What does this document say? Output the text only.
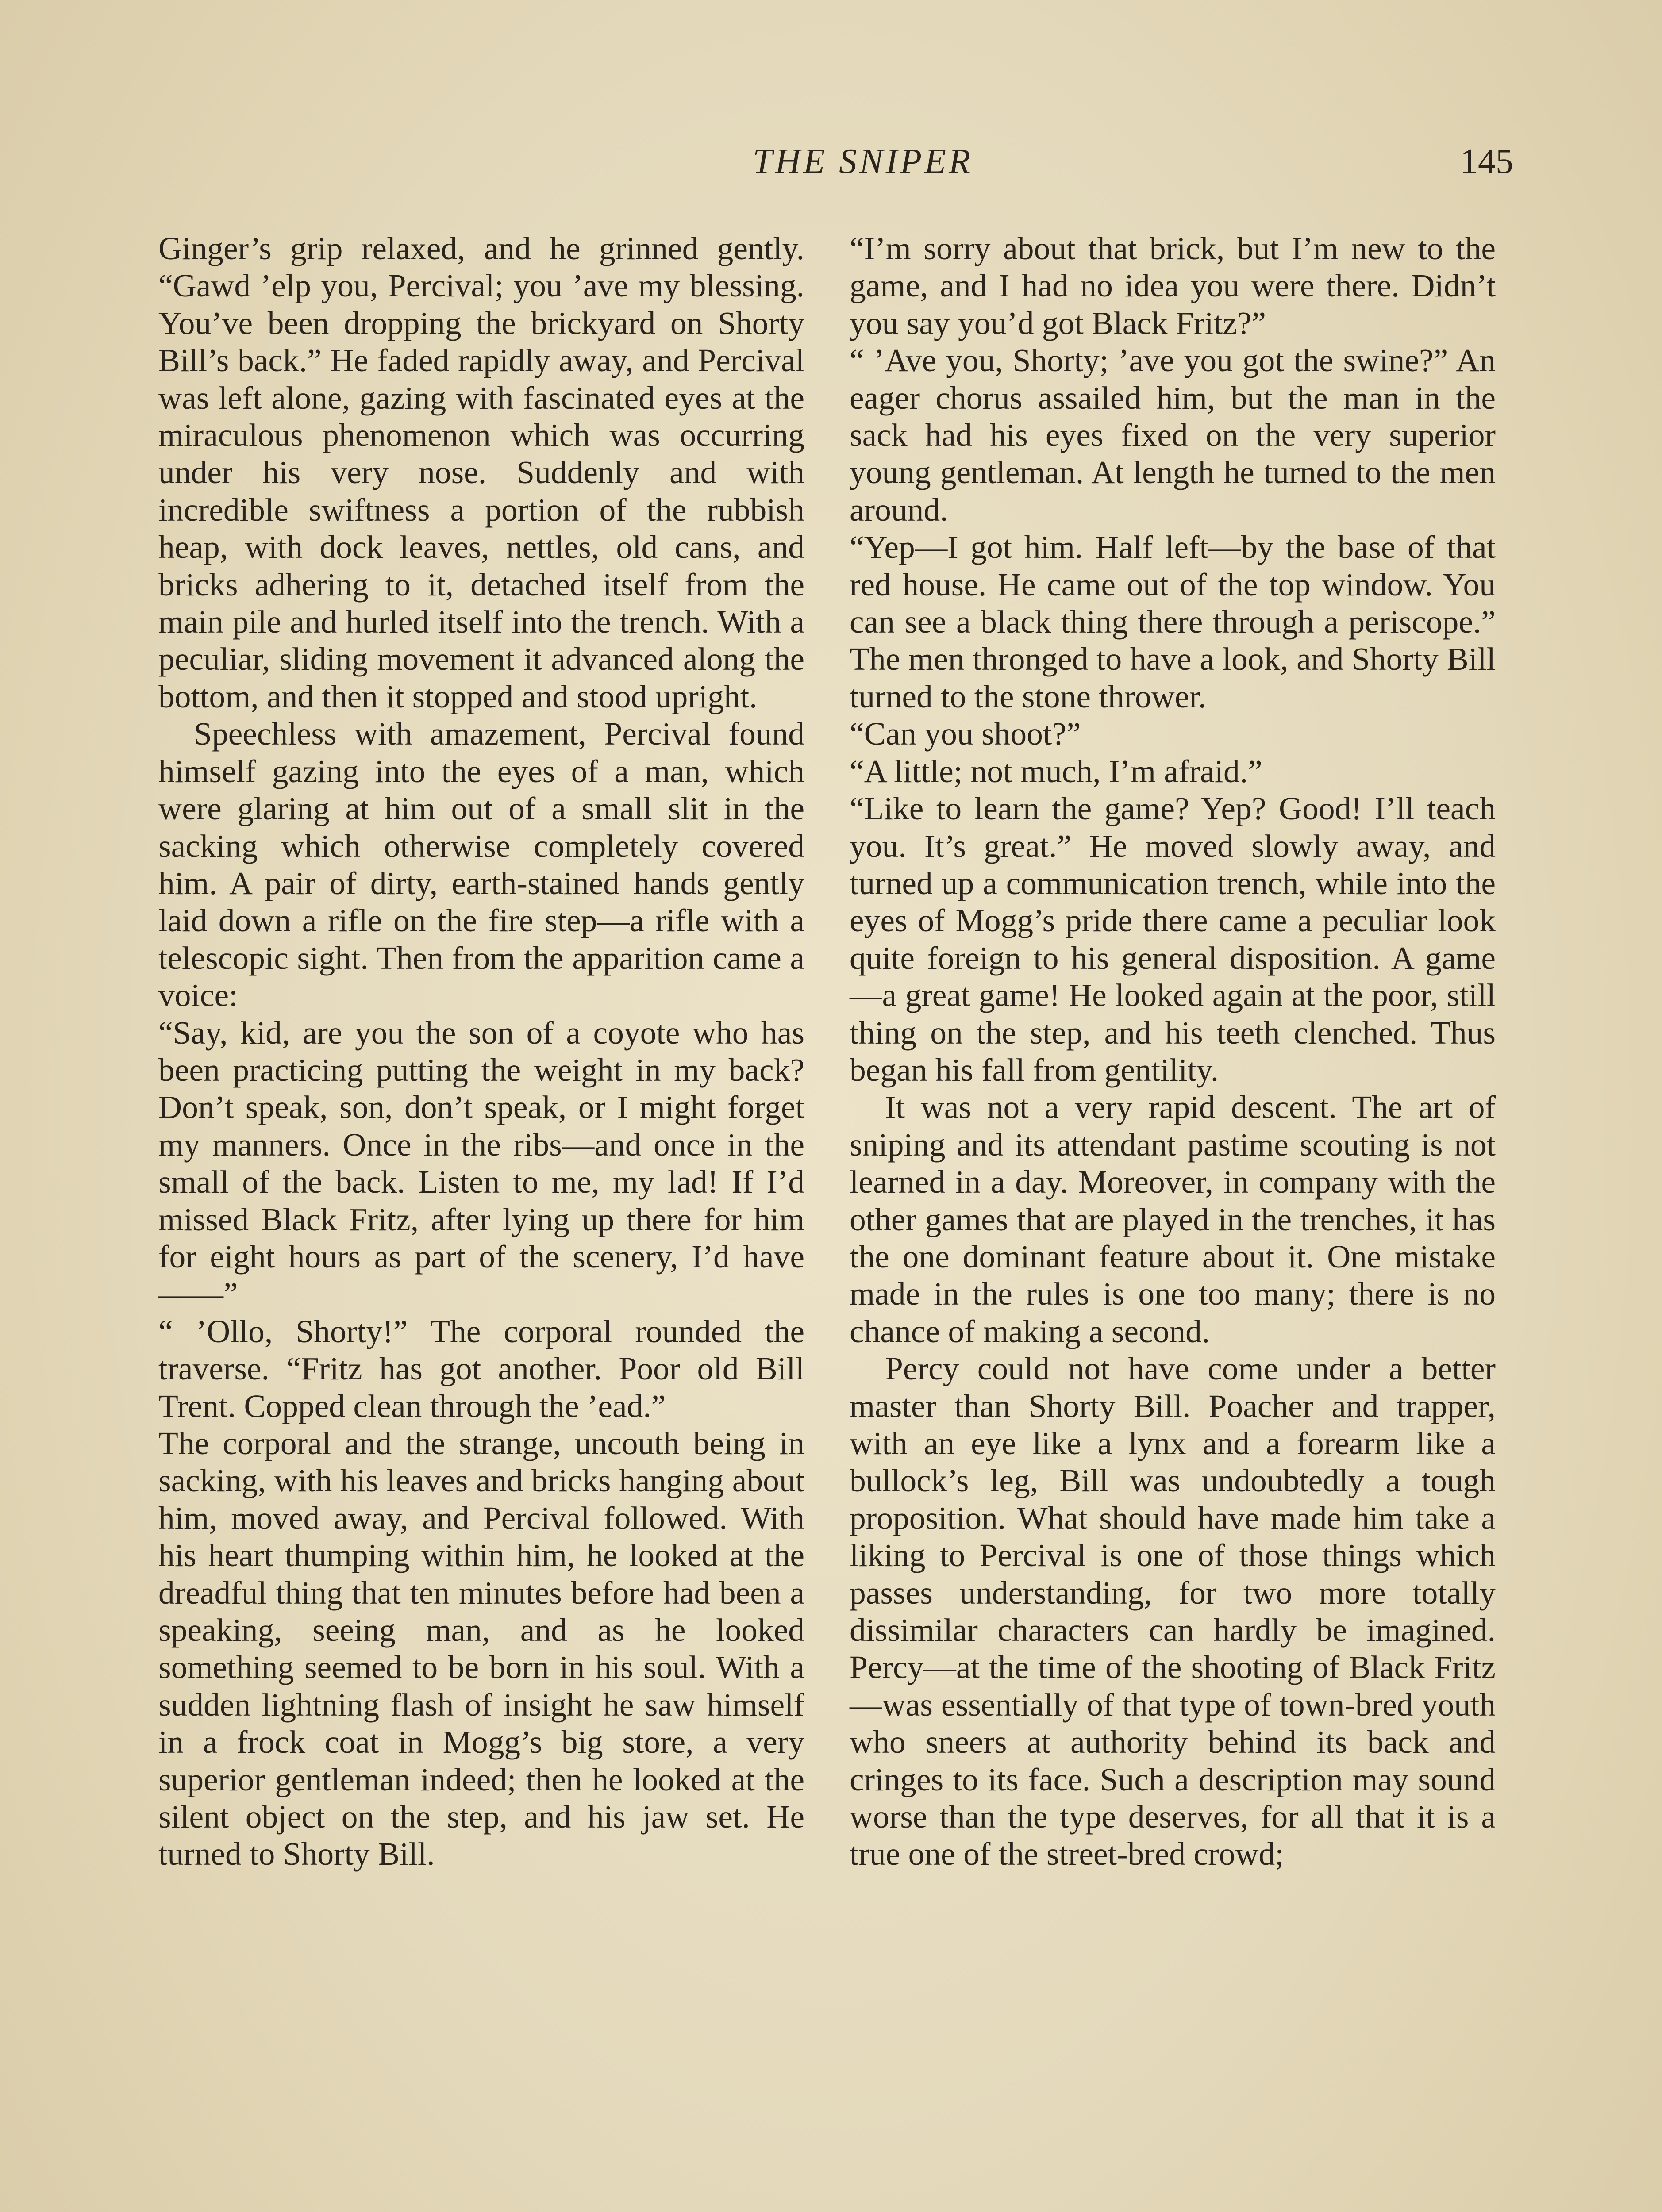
THE SNIPER	145

Ginger’s grip relaxed, and he grinned gently. “Gawd ’elp you, Percival; you ’ave my blessing. You’ve been dropping the brickyard on Shorty Bill’s back.” He faded rapidly away, and Percival was left alone, gazing with fascinated eyes at the miraculous phenomenon which was occurring under his very nose. Suddenly and with incredible swiftness a portion of the rubbish heap, with dock leaves, nettles, old cans, and bricks adhering to it, detached itself from the main pile and hurled itself into the trench. With a peculiar, sliding movement it advanced along the bottom, and then it stopped and stood upright.

Speechless with amazement, Percival found himself gazing into the eyes of a man, which were glaring at him out of a small slit in the sacking which otherwise completely covered him. A pair of dirty, earth-stained hands gently laid down a rifle on the fire step—a rifle with a telescopic sight. Then from the apparition came a voice:

“Say, kid, are you the son of a coyote who has been practicing putting the weight in my back? Don’t speak, son, don’t speak, or I might forget my manners. Once in the ribs—and once in the small of the back. Listen to me, my lad! If I’d missed Black Fritz, after lying up there for him for eight hours as part of the scenery, I’d have ——”

“ ’Ollo, Shorty!” The corporal rounded the traverse. “Fritz has got another. Poor old Bill Trent. Copped clean through the ’ead.”

The corporal and the strange, uncouth being in sacking, with his leaves and bricks hanging about him, moved away, and Percival followed. With his heart thumping within him, he looked at the dreadful thing that ten minutes before had been a speaking, seeing man, and as he looked something seemed to be born in his soul. With a sudden lightning flash of insight he saw himself in a frock coat in Mogg’s big store, a very superior gentleman indeed; then he looked at the silent object on the step, and his jaw set. He turned to Shorty Bill.

“I’m sorry about that brick, but I’m new to the game, and I had no idea you were there. Didn’t you say you’d got Black Fritz?”

“ ’Ave you, Shorty; ’ave you got the swine?” An eager chorus assailed him, but the man in the sack had his eyes fixed on the very superior young gentleman. At length he turned to the men around.

“Yep—I got him. Half left—by the base of that red house. He came out of the top window. You can see a black thing there through a periscope.” The men thronged to have a look, and Shorty Bill turned to the stone thrower.

“Can you shoot?”

“A little; not much, I’m afraid.”

“Like to learn the game? Yep? Good! I’ll teach you. It’s great.” He moved slowly away, and turned up a communication trench, while into the eyes of Mogg’s pride there came a peculiar look quite foreign to his general disposition. A game—a great game! He looked again at the poor, still thing on the step, and his teeth clenched. Thus began his fall from gentility.

It was not a very rapid descent. The art of sniping and its attendant pastime scouting is not learned in a day. Moreover, in company with the other games that are played in the trenches, it has the one dominant feature about it. One mistake made in the rules is one too many; there is no chance of making a second.

Percy could not have come under a better master than Shorty Bill. Poacher and trapper, with an eye like a lynx and a forearm like a bullock’s leg, Bill was undoubtedly a tough proposition. What should have made him take a liking to Percival is one of those things which passes understanding, for two more totally dissimilar characters can hardly be imagined. Percy—at the time of the shooting of Black Fritz—was essentially of that type of town-bred youth who sneers at authority behind its back and cringes to its face. Such a description may sound worse than the type deserves, for all that it is a true one of the street-bred crowd;
